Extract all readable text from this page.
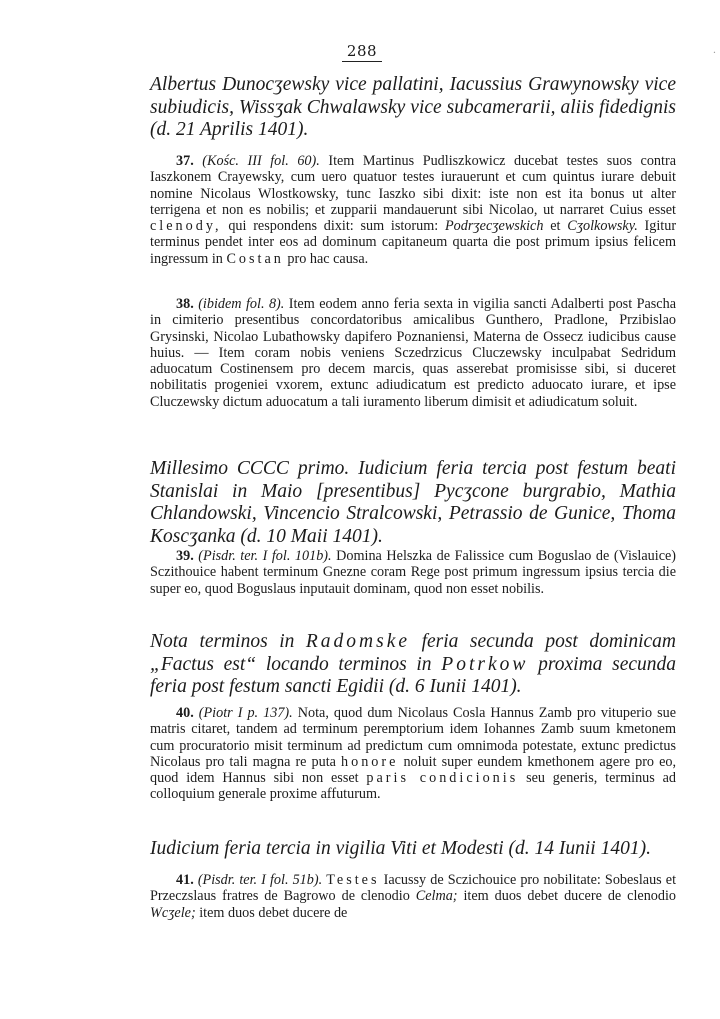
288	·

Albertus Dunocʒewsky vice pallatini, Iacussius Grawynowsky vice subiudicis, Wissʒak Chwalawsky vice subcamerarii, aliis fidedignis (d. 21 Aprilis 1401).

37. (Kośc. III fol. 60). Item Martinus Pudliszkowicz ducebat testes suos contra Iaszkonem Crayewsky, cum uero quatuor testes iurauerunt et cum quintus iurare debuit nomine Nicolaus Wlostkowsky, tunc Iaszko sibi dixit: iste non est ita bonus ut alter terrigena et non es nobilis; et zupparii mandauerunt sibi Nicolao, ut narraret Cuius esset clenody, qui respondens dixit: sum istorum: Podrʒecʒewskich et Cʒolkowsky. Igitur terminus pendet inter eos ad dominum capitaneum quarta die post primum ipsius felicem ingressum in Costan pro hac causa.

38. (ibidem fol. 8). Item eodem anno feria sexta in vigilia sancti Adalberti post Pascha in cimiterio presentibus concordatoribus amicalibus Gunthero, Pradlone, Przibislao Grysinski, Nicolao Lubathowsky dapifero Poznaniensi, Materna de Ossecz iudicibus cause huius. — Item coram nobis veniens Sczedrzicus Cluczewsky inculpabat Sedridum aduocatum Costinensem pro decem marcis, quas asserebat promisisse sibi, si duceret nobilitatis progeniei vxorem, extunc adiudicatum est predicto aduocato iurare, et ipse Cluczewsky dictum aduocatum a tali iuramento liberum dimisit et adiudicatum soluit.

Millesimo CCCC primo. Iudicium feria tercia post festum beati Stanislai in Maio [presentibus] Pycʒcone burgrabio, Mathia Chlandowski, Vincencio Stralcowski, Petrassio de Gunice, Thoma Koscʒanka (d. 10 Maii 1401).

39. (Pisdr. ter. I fol. 101b). Domina Helszka de Falissice cum Boguslao de (Vislauice) Sczithouice habent terminum Gnezne coram Rege post primum ingressum ipsius tercia die super eo, quod Boguslaus inputauit dominam, quod non esset nobilis.

Nota terminos in Radomske feria secunda post dominicam „Factus est“ locando terminos in Potrkow proxima secunda feria post festum sancti Egidii (d. 6 Iunii 1401).

40. (Piotr I p. 137). Nota, quod dum Nicolaus Cosla Hannus Zamb pro vituperio sue matris citaret, tandem ad terminum peremptorium idem Iohannes Zamb suum kmetonem cum procuratorio misit terminum ad predictum cum omnimoda potestate, extunc predictus Nicolaus pro tali magna re puta honore noluit super eundem kmethonem agere pro eo, quod idem Hannus sibi non esset paris condicionis seu generis, terminus ad colloquium generale proxime affuturum.

Iudicium feria tercia in vigilia Viti et Modesti (d. 14 Iunii 1401).

41. (Pisdr. ter. I fol. 51b). Testes Iacussy de Sczichouice pro nobilitate: Sobeslaus et Przeczslaus fratres de Bagrowo de clenodio Celma; item duos debet ducere de clenodio Wcʒele; item duos debet ducere de
